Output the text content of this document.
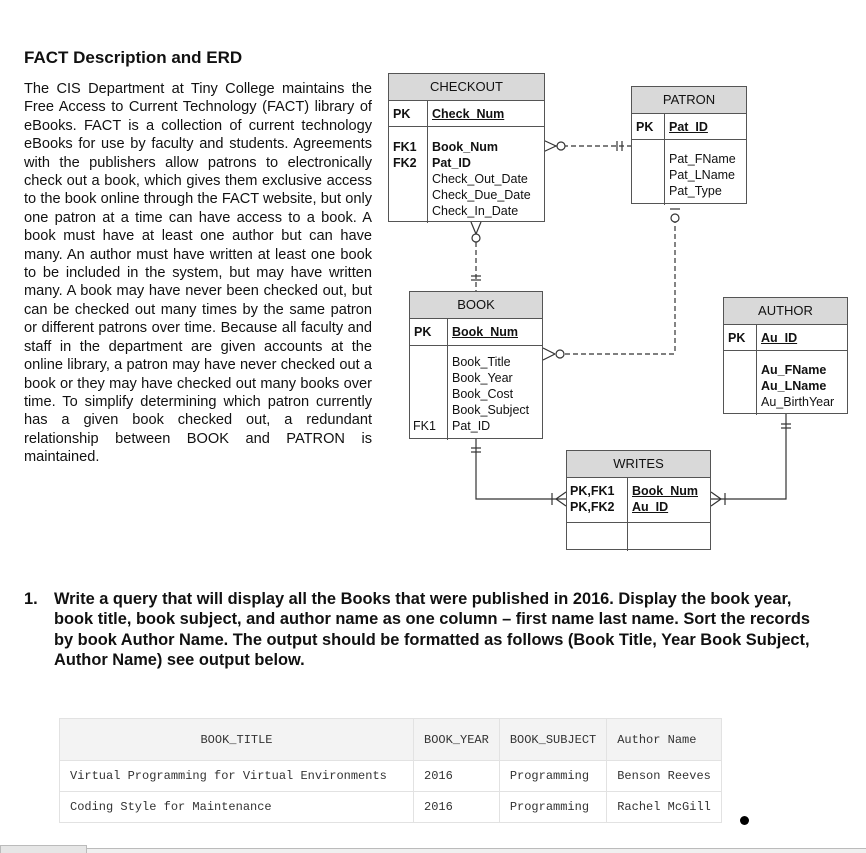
FACT Description and ERD

The CIS Department at Tiny College maintains the Free Access to Current Technology (FACT) library of eBooks. FACT is a collection of current technology eBooks for use by faculty and students. Agreements with the publishers allow patrons to electronically check out a book, which gives them exclusive access to the book online through the FACT website, but only one patron at a time can have access to a book. A book must have at least one author but can have many. An author must have written at least one book to be included in the system, but may have written many. A book may have never been checked out, but can be checked out many times by the same patron or different patrons over time. Because all faculty and staff in the department are given accounts at the online library, a patron may have never checked out a book or they may have checked out many books over time. To simplify determining which patron currently has a given book checked out, a redundant relationship between BOOK and PATRON is maintained.

CHECKOUT
PK Check_Num
FK1
FK2
Book_Num
Pat_ID
Check_Out_Date
Check_Due_Date
Check_In_Date
PATRON
PK Pat_ID
Pat_FName
Pat_LName
Pat_Type
BOOK
PK Book_Num
FK1
Book_Title
Book_Year
Book_Cost
Book_Subject
Pat_ID
AUTHOR
PK Au_ID
Au_FName
Au_LName
Au_BirthYear
WRITES
PK,FK1
PK,FK2
Book_Num
Au_ID
1. Write a query that will display all the Books that were published in 2016. Display the book year, book title, book subject, and author name as one column – first name last name. Sort the records by book Author Name. The output should be formatted as follows (Book Title, Year Book Subject, Author Name) see output below.
BOOK_TITLE	BOOK_YEAR	BOOK_SUBJECT	Author Name
Virtual Programming for Virtual Environments	2016	Programming	Benson Reeves
Coding Style for Maintenance	2016	Programming	Rachel McGill
